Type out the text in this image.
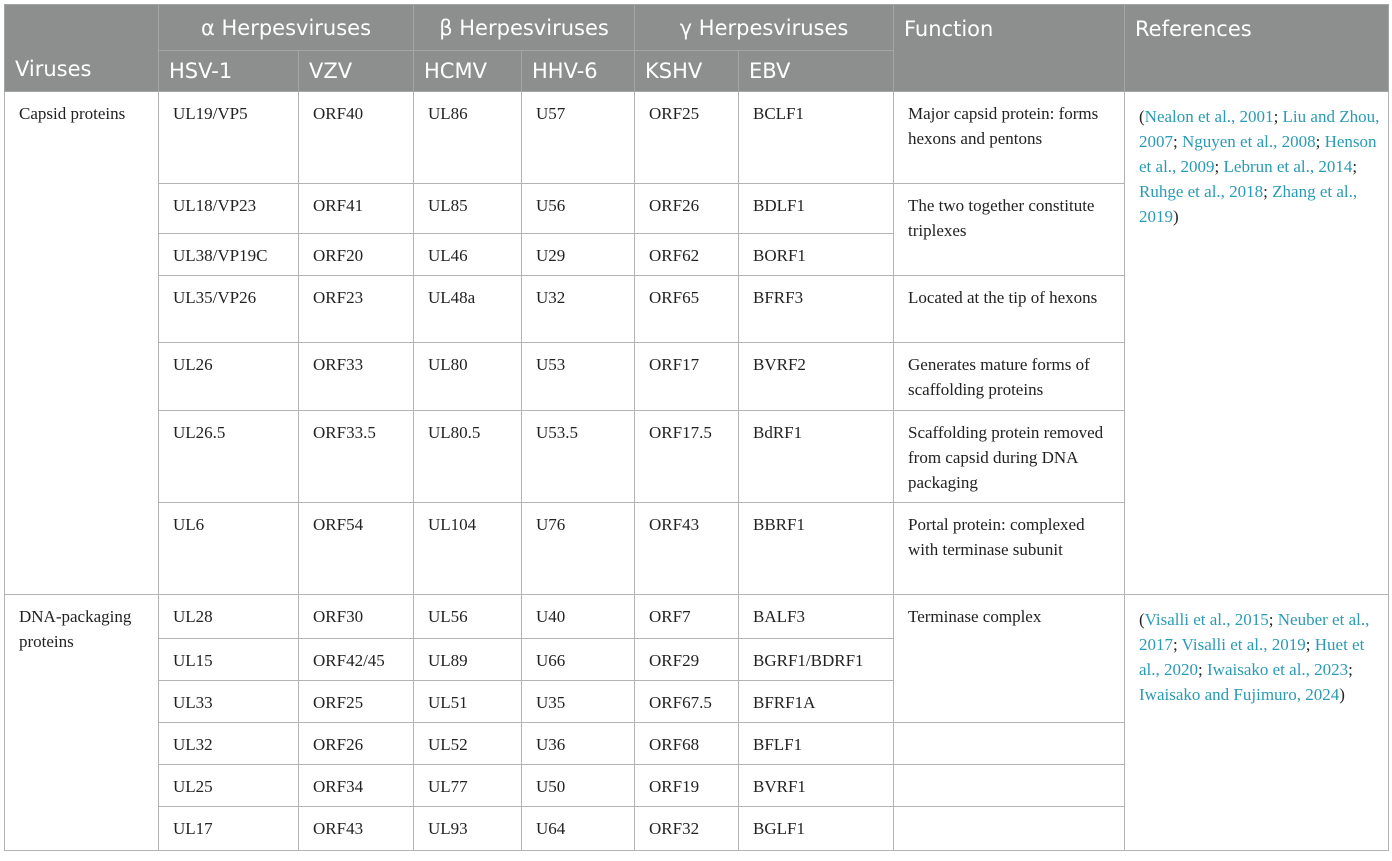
Viruses	α Herpesviruses		β Herpesviruses		γ Herpesviruses		Function	References
	HSV-1	VZV	HCMV	HHV-6	KSHV	EBV		
Capsid proteins	UL19/VP5	ORF40	UL86	U57	ORF25	BCLF1	Major capsid protein: forms hexons and pentons	(Nealon et al., 2001; Liu and Zhou, 2007; Nguyen et al., 2008; Henson et al., 2009; Lebrun et al., 2014; Ruhge et al., 2018; Zhang et al., 2019)
	UL18/VP23	ORF41	UL85	U56	ORF26	BDLF1	The two together constitute triplexes	
	UL38/VP19C	ORF20	UL46	U29	ORF62	BORF1		
	UL35/VP26	ORF23	UL48a	U32	ORF65	BFRF3	Located at the tip of hexons	
	UL26	ORF33	UL80	U53	ORF17	BVRF2	Generates mature forms of scaffolding proteins	
	UL26.5	ORF33.5	UL80.5	U53.5	ORF17.5	BdRF1	Scaffolding protein removed from capsid during DNA packaging	
	UL6	ORF54	UL104	U76	ORF43	BBRF1	Portal protein: complexed with terminase subunit	
DNA-packaging proteins	UL28	ORF30	UL56	U40	ORF7	BALF3	Terminase complex	(Visalli et al., 2015; Neuber et al., 2017; Visalli et al., 2019; Huet et al., 2020; Iwaisako et al., 2023; Iwaisako and Fujimuro, 2024)
	UL15	ORF42/45	UL89	U66	ORF29	BGRF1/BDRF1		
	UL33	ORF25	UL51	U35	ORF67.5	BFRF1A		
	UL32	ORF26	UL52	U36	ORF68	BFLF1		
	UL25	ORF34	UL77	U50	ORF19	BVRF1		
	UL17	ORF43	UL93	U64	ORF32	BGLF1		
